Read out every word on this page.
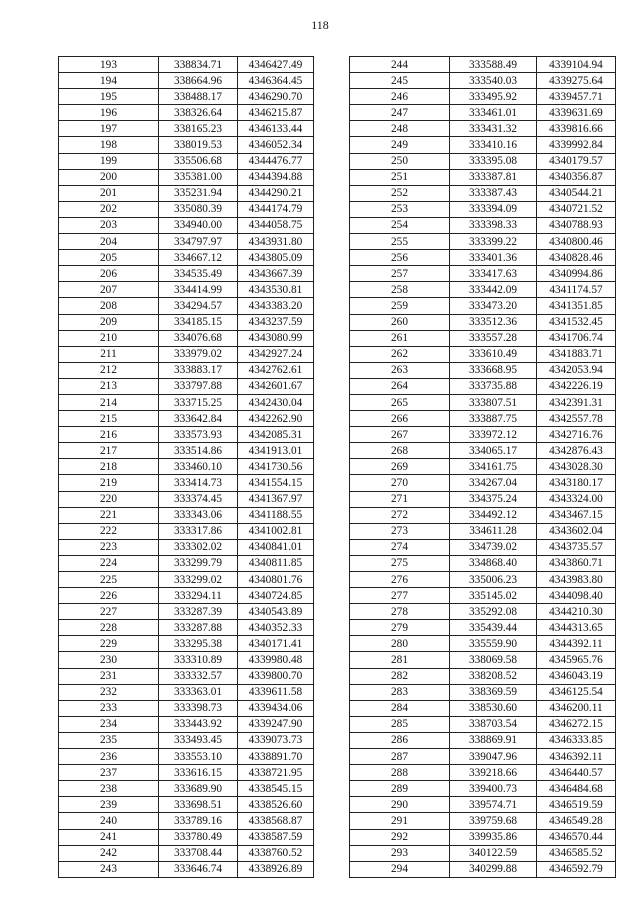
118
193	338834.71	4346427.49
194	338664.96	4346364.45
195	338488.17	4346290.70
196	338326.64	4346215.87
197	338165.23	4346133.44
198	338019.53	4346052.34
199	335506.68	4344476.77
200	335381.00	4344394.88
201	335231.94	4344290.21
202	335080.39	4344174.79
203	334940.00	4344058.75
204	334797.97	4343931.80
205	334667.12	4343805.09
206	334535.49	4343667.39
207	334414.99	4343530.81
208	334294.57	4343383.20
209	334185.15	4343237.59
210	334076.68	4343080.99
211	333979.02	4342927.24
212	333883.17	4342762.61
213	333797.88	4342601.67
214	333715.25	4342430.04
215	333642.84	4342262.90
216	333573.93	4342085.31
217	333514.86	4341913.01
218	333460.10	4341730.56
219	333414.73	4341554.15
220	333374.45	4341367.97
221	333343.06	4341188.55
222	333317.86	4341002.81
223	333302.02	4340841.01
224	333299.79	4340811.85
225	333299.02	4340801.76
226	333294.11	4340724.85
227	333287.39	4340543.89
228	333287.88	4340352.33
229	333295.38	4340171.41
230	333310.89	4339980.48
231	333332.57	4339800.70
232	333363.01	4339611.58
233	333398.73	4339434.06
234	333443.92	4339247.90
235	333493.45	4339073.73
236	333553.10	4338891.70
237	333616.15	4338721.95
238	333689.90	4338545.15
239	333698.51	4338526.60
240	333789.16	4338568.87
241	333780.49	4338587.59
242	333708.44	4338760.52
243	333646.74	4338926.89
244	333588.49	4339104.94
245	333540.03	4339275.64
246	333495.92	4339457.71
247	333461.01	4339631.69
248	333431.32	4339816.66
249	333410.16	4339992.84
250	333395.08	4340179.57
251	333387.81	4340356.87
252	333387.43	4340544.21
253	333394.09	4340721.52
254	333398.33	4340788.93
255	333399.22	4340800.46
256	333401.36	4340828.46
257	333417.63	4340994.86
258	333442.09	4341174.57
259	333473.20	4341351.85
260	333512.36	4341532.45
261	333557.28	4341706.74
262	333610.49	4341883.71
263	333668.95	4342053.94
264	333735.88	4342226.19
265	333807.51	4342391.31
266	333887.75	4342557.78
267	333972.12	4342716.76
268	334065.17	4342876.43
269	334161.75	4343028.30
270	334267.04	4343180.17
271	334375.24	4343324.00
272	334492.12	4343467.15
273	334611.28	4343602.04
274	334739.02	4343735.57
275	334868.40	4343860.71
276	335006.23	4343983.80
277	335145.02	4344098.40
278	335292.08	4344210.30
279	335439.44	4344313.65
280	335559.90	4344392.11
281	338069.58	4345965.76
282	338208.52	4346043.19
283	338369.59	4346125.54
284	338530.60	4346200.11
285	338703.54	4346272.15
286	338869.91	4346333.85
287	339047.96	4346392.11
288	339218.66	4346440.57
289	339400.73	4346484.68
290	339574.71	4346519.59
291	339759.68	4346549.28
292	339935.86	4346570.44
293	340122.59	4346585.52
294	340299.88	4346592.79
